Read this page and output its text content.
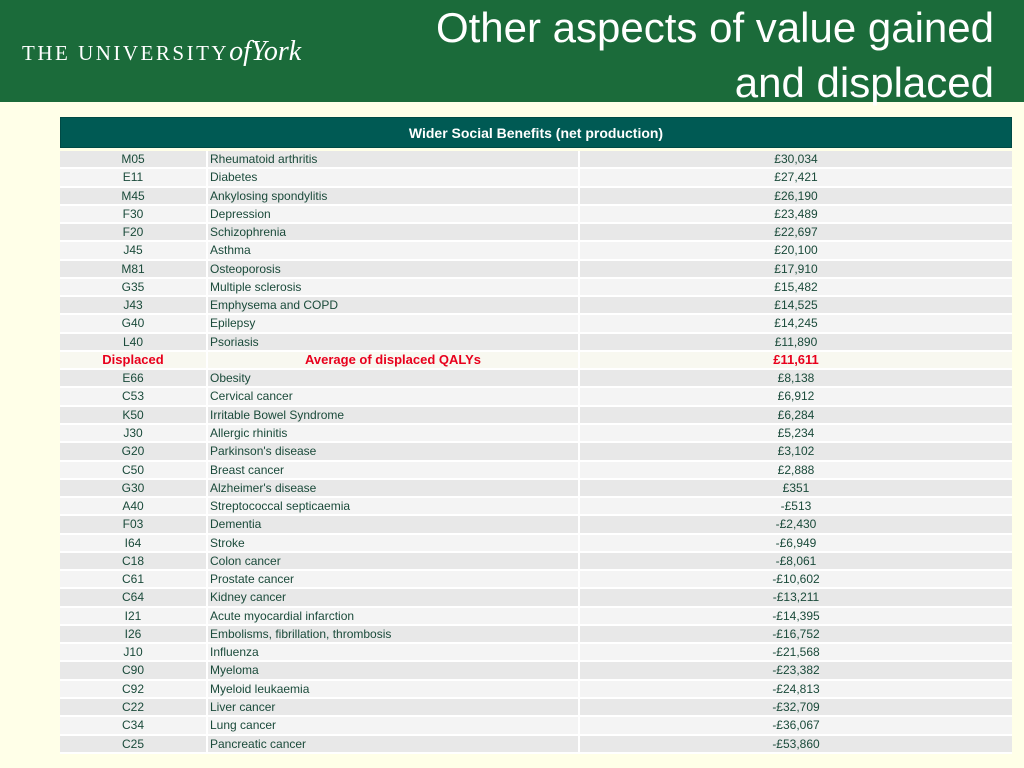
THE UNIVERSITYofYork
Other aspects of value gained
and displaced
Wider Social Benefits (net production)
M05	Rheumatoid arthritis	£30,034
E11	Diabetes	£27,421
M45	Ankylosing spondylitis	£26,190
F30	Depression	£23,489
F20	Schizophrenia	£22,697
J45	Asthma	£20,100
M81	Osteoporosis	£17,910
G35	Multiple sclerosis	£15,482
J43	Emphysema and COPD	£14,525
G40	Epilepsy	£14,245
L40	Psoriasis	£11,890
Displaced	Average of displaced QALYs	£11,611
E66	Obesity	£8,138
C53	Cervical cancer	£6,912
K50	Irritable Bowel Syndrome	£6,284
J30	Allergic rhinitis	£5,234
G20	Parkinson's disease	£3,102
C50	Breast cancer	£2,888
G30	Alzheimer's disease	£351
A40	Streptococcal septicaemia	-£513
F03	Dementia	-£2,430
I64	Stroke	-£6,949
C18	Colon cancer	-£8,061
C61	Prostate cancer	-£10,602
C64	Kidney cancer	-£13,211
I21	Acute myocardial infarction	-£14,395
I26	Embolisms, fibrillation, thrombosis	-£16,752
J10	Influenza	-£21,568
C90	Myeloma	-£23,382
C92	Myeloid leukaemia	-£24,813
C22	Liver cancer	-£32,709
C34	Lung cancer	-£36,067
C25	Pancreatic cancer	-£53,860
